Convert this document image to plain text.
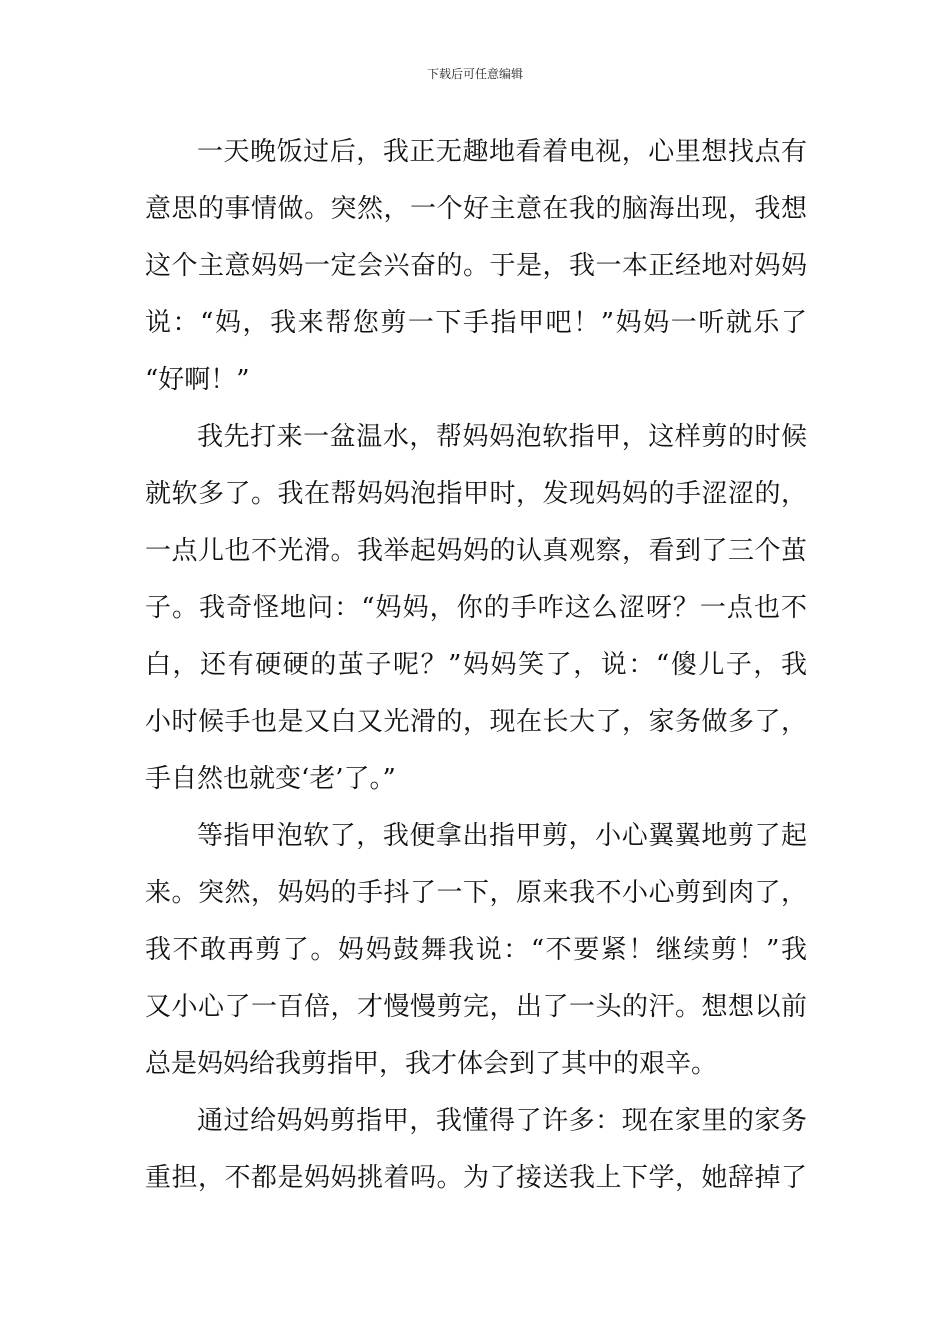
下载后可任意编辑
一天晚饭过后，我正无趣地看着电视，心里想找点有
意思的事情做。突然，一个好主意在我的脑海出现，我想
这个主意妈妈一定会兴奋的。于是，我一本正经地对妈妈
说：“妈，我来帮您剪一下手指甲吧！”妈妈一听就乐了
“好啊！”
我先打来一盆温水，帮妈妈泡软指甲，这样剪的时候
就软多了。我在帮妈妈泡指甲时，发现妈妈的手涩涩的，
一点儿也不光滑。我举起妈妈的认真观察，看到了三个茧
子。我奇怪地问：“妈妈，你的手咋这么涩呀？一点也不
白，还有硬硬的茧子呢？”妈妈笑了，说：“傻儿子，我
小时候手也是又白又光滑的，现在长大了，家务做多了，
手自然也就变‘老’了。”
等指甲泡软了，我便拿出指甲剪，小心翼翼地剪了起
来。突然，妈妈的手抖了一下，原来我不小心剪到肉了，
我不敢再剪了。妈妈鼓舞我说：“不要紧！继续剪！”我
又小心了一百倍，才慢慢剪完，出了一头的汗。想想以前
总是妈妈给我剪指甲，我才体会到了其中的艰辛。
通过给妈妈剪指甲，我懂得了许多：现在家里的家务
重担，不都是妈妈挑着吗。为了接送我上下学，她辞掉了
